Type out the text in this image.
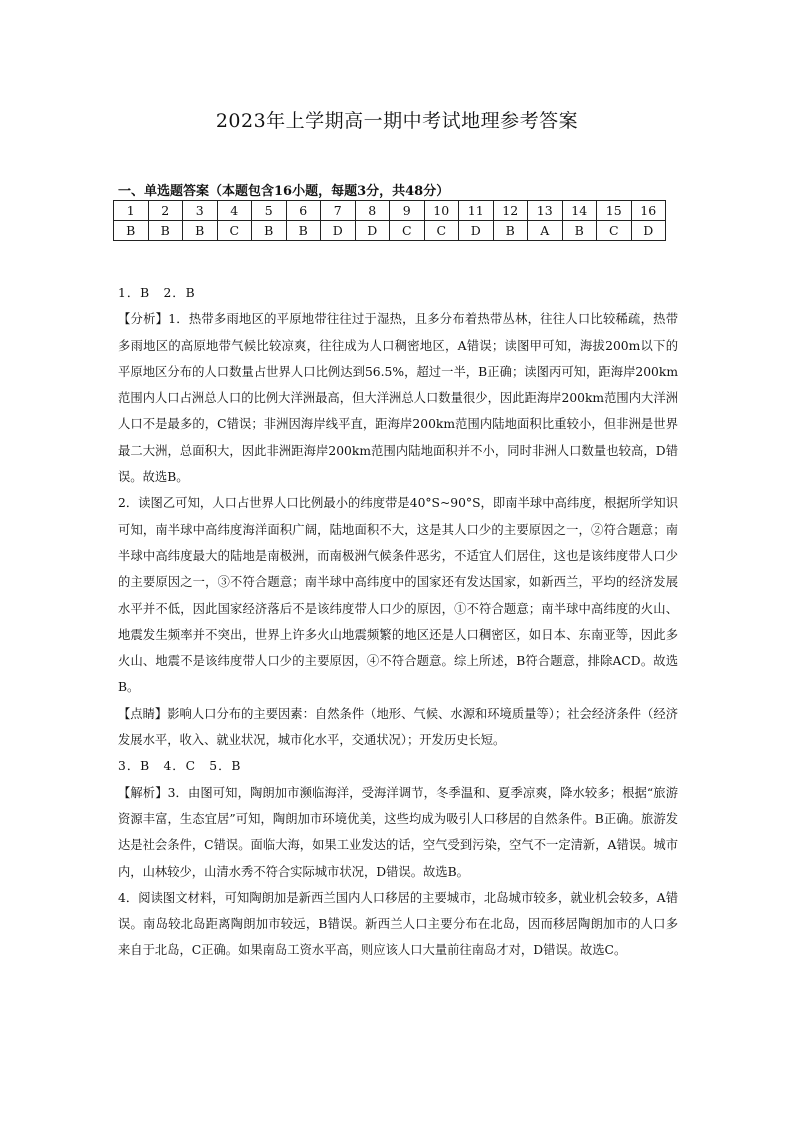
2023年上学期高一期中考试地理参考答案
一、单选题答案（本题包含16小题，每题3分，共48分）
1	2	3	4	5	6	7	8	9	10	11	12	13	14	15	16
B	B	B	C	B	B	D	D	C	C	D	B	A	B	C	D

1．B　2．B

【分析】1．热带多雨地区的平原地带往往过于湿热，且多分布着热带丛林，往往人口比较稀疏，热带多雨地区的高原地带气候比较凉爽，往往成为人口稠密地区，A错误；读图甲可知，海拔200m以下的平原地区分布的人口数量占世界人口比例达到56.5%，超过一半，B正确；读图丙可知，距海岸200km范围内人口占洲总人口的比例大洋洲最高，但大洋洲总人口数量很少，因此距海岸200km范围内大洋洲人口不是最多的，C错误；非洲因海岸线平直，距海岸200km范围内陆地面积比重较小，但非洲是世界最二大洲，总面积大，因此非洲距海岸200km范围内陆地面积并不小，同时非洲人口数量也较高，D错误。故选B。

2．读图乙可知，人口占世界人口比例最小的纬度带是40°S~90°S，即南半球中高纬度，根据所学知识可知，南半球中高纬度海洋面积广阔，陆地面积不大，这是其人口少的主要原因之一，②符合题意；南半球中高纬度最大的陆地是南极洲，而南极洲气候条件恶劣，不适宜人们居住，这也是该纬度带人口少的主要原因之一，③不符合题意；南半球中高纬度中的国家还有发达国家，如新西兰，平均的经济发展水平并不低，因此国家经济落后不是该纬度带人口少的原因，①不符合题意；南半球中高纬度的火山、地震发生频率并不突出，世界上许多火山地震频繁的地区还是人口稠密区，如日本、东南亚等，因此多火山、地震不是该纬度带人口少的主要原因，④不符合题意。综上所述，B符合题意，排除ACD。故选B。

【点睛】影响人口分布的主要因素：自然条件（地形、气候、水源和环境质量等）；社会经济条件（经济发展水平，收入、就业状况，城市化水平，交通状况）；开发历史长短。

3．B　4．C　5．B

【解析】3．由图可知，陶朗加市濒临海洋，受海洋调节，冬季温和、夏季凉爽，降水较多；根据“旅游资源丰富，生态宜居”可知，陶朗加市环境优美，这些均成为吸引人口移居的自然条件。B正确。旅游发达是社会条件，C错误。面临大海，如果工业发达的话，空气受到污染，空气不一定清新，A错误。城市内，山林较少，山清水秀不符合实际城市状况，D错误。故选B。

4．阅读图文材料，可知陶朗加是新西兰国内人口移居的主要城市，北岛城市较多，就业机会较多，A错误。南岛较北岛距离陶朗加市较远，B错误。新西兰人口主要分布在北岛，因而移居陶朗加市的人口多来自于北岛，C正确。如果南岛工资水平高，则应该人口大量前往南岛才对，D错误。故选C。
